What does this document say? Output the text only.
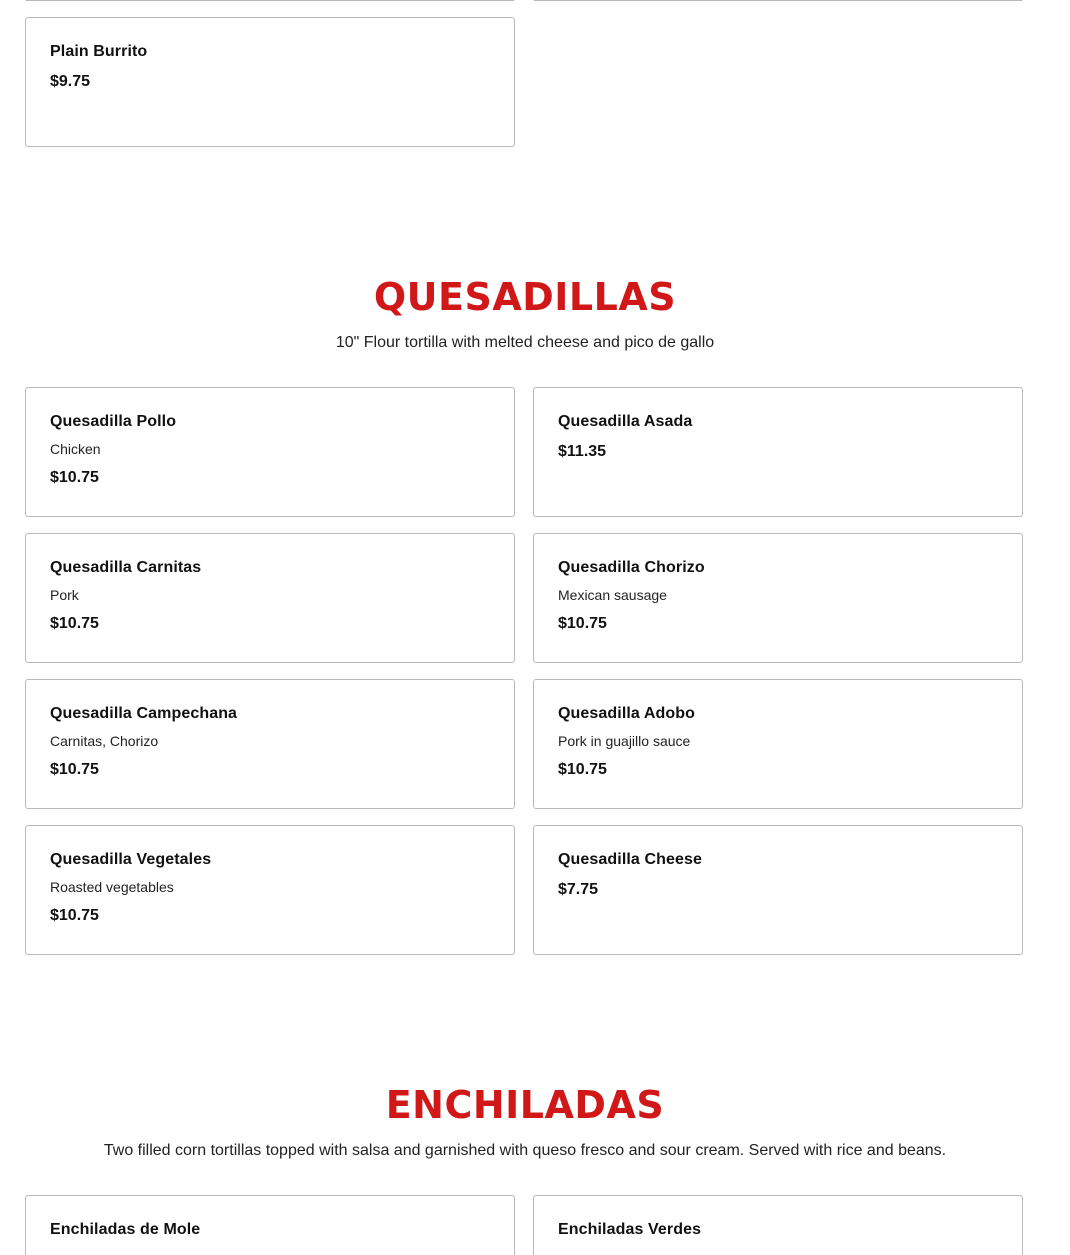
Plain Burrito
$9.75
QUESADILLAS

10" Flour tortilla with melted cheese and pico de gallo

Quesadilla Pollo
Chicken
$10.75
Quesadilla Asada
$11.35
Quesadilla Carnitas
Pork
$10.75
Quesadilla Chorizo
Mexican sausage
$10.75
Quesadilla Campechana
Carnitas, Chorizo
$10.75
Quesadilla Adobo
Pork in guajillo sauce
$10.75
Quesadilla Vegetales
Roasted vegetables
$10.75
Quesadilla Cheese
$7.75
ENCHILADAS

Two filled corn tortillas topped with salsa and garnished with queso fresco and sour cream. Served with rice and beans.

Enchiladas de Mole	Enchiladas Verdes
